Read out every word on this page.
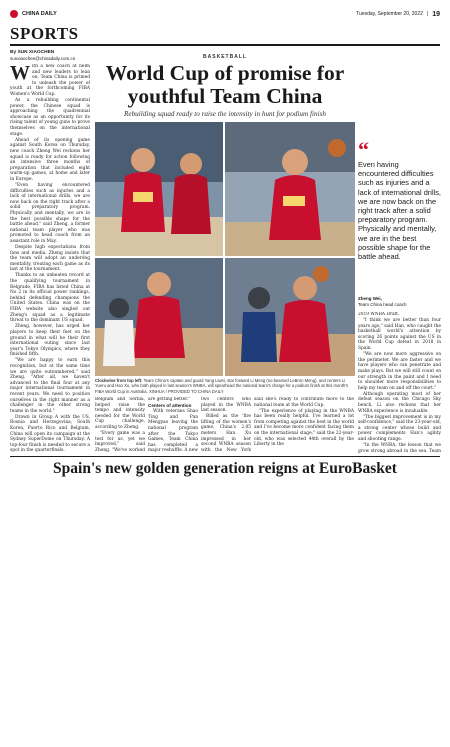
CHINA DAILY	Tuesday, September 20, 2022 | 19
SPORTS
By SUN XIAOCHEN
sunxiaochen@chinadaily.com.cn	BASKETBALL
World Cup of promise for youthful Team China
Rebuilding squad ready to raise the intensity in hunt for podium finish
W ith a new coach at helm and new leaders to lean on, Team China is primed to unleash the power of youth at the forthcoming FIBA Women's World Cup.

As a rebuilding continental power, the Chinese squad is approaching the quadrennial showcase as an opportunity for its rising talent of young guns to prove themselves on the international stage.

Ahead of its opening game against South Korea on Thursday, new coach Zheng Wei reckons her squad is ready for action following an intensive three months of preparation that included eight warm-up games, at home and later in Europe.

"Even having encountered difficulties such as injuries and a lack of international drills, we are now back on the right track after a solid preparatory program. Physically and mentally, we are in the best possible shape for the battle ahead," said Zheng, a former national team player who was promoted to head coach from an assistant role in May.

Despite high expectations from fans and media, Zheng insists that the team will adopt an underdog mentality, treating each game as its last at the tournament.

Thanks to an unbeaten record at the qualifying tournament in Belgrade, FIBA has listed China at No 2 in its official power rankings, behind defending champions the United States. China was on the FIBA website also singled out Zheng's squad as a legitimate threat to the dominant US squad.

Zheng, however, has urged her players to keep their feet on the ground in what will be their first international outing since last year's Tokyo Olympics, where they finished fifth.

"We are happy to earn this recognition, but at the same time we are quite outnumbered," said Zheng. "After all, we haven't advanced to the final four at any major international tournament in recent years. We need to position ourselves in the right manner as a challenger in the other strong teams in the world."

Drawn in Group A with the US, Bosnia and Herzegovina, South Korea, Puerto Rico and Belgium, China will open its campaign at the Sydney SuperDome on Thursday. A top-four finish is needed to secure a spot in the quarterfinals.

Clockwise from top left: Team China's captain and guard Yang Liwei, star forward Li Meng (no beamed LeBron Meng), and centers Li Yueru and Han Xu, who both played in last season's WNBA, will spearhead the national team's charge for a podium finish at this month's FIBA World Cup in Australia. XINHUA / PROVIDED TO CHINA DAILY

Belgium and Serbia, helped raise the tempo and intensity needed for the World Cup challenge, according to Zheng.

"Every game was a test for us, yet we improved," said Zheng. "We've worked

are getting better."

Centers of attention

With veterans Shao Ting and Pan Mengyao leaving the national program after the Tokyo Games, Team China has completed a major reshuffle. A new

two centers who played in the WNBA last season.

Billed as the 'fire lifting of the women's game, China's 2.05 meters Han Xu impressed in her second WNBA season with the New York

said she's ready to contribute more to the national team at the World Cup.

"The experience of playing in the WNBA has been really helpful. I've learned a lot from competing against the best in the world and I've become more confident facing them on the international stage," said the 22-year-old, who was selected 44th overall by the Liberty in the

“
Even having encountered difficulties such as injuries and a lack of international drills, we are now back on the right track after a solid preparatory program. Physically and mentally, we are in the best possible shape for the battle ahead.
Zheng Wei,
Team China head coach

2019 WNBA Draft.

"I think we are better than four years ago," said Han, who caught the basketball world's attention by scoring 26 points against the US in the World Cup defeat in 2018 in Spain.

"We are now more aggressive on the perimeter. We are faster and we have players who can penetrate and make plays. But we will still count on our strength in the paint and I need to shoulder more responsibilities to help my team on and off the court."

Although operating most of her defeat season on the Chicago Sky bench, Li also reckons that her WNBA experience is invaluable.

"The biggest improvement is in my self-confidence," said the 23-year-old, a strong center whose build and power complements Han's agility and shooting range.

"In the WNBA, the lesson that we grow strong abroad in the sea. Team

Spain's new golden generation reigns at EuroBasket
